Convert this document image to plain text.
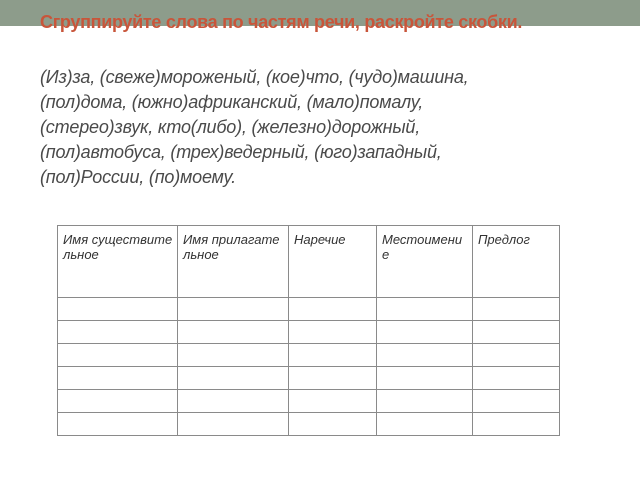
Сгруппируйте слова по частям речи, раскройте скобки.
(Из)за, (свеже)мороженый, (кое)что, (чудо)машина,
(пол)дома, (южно)африканский, (мало)помалу,
(стерео)звук, кто(либо), (железно)дорожный,
(пол)автобуса, (трех)ведерный, (юго)западный,
(пол)России, (по)моему.
Имя существительное	Имя прилагательное	Наречие	Местоимение	Предлог
